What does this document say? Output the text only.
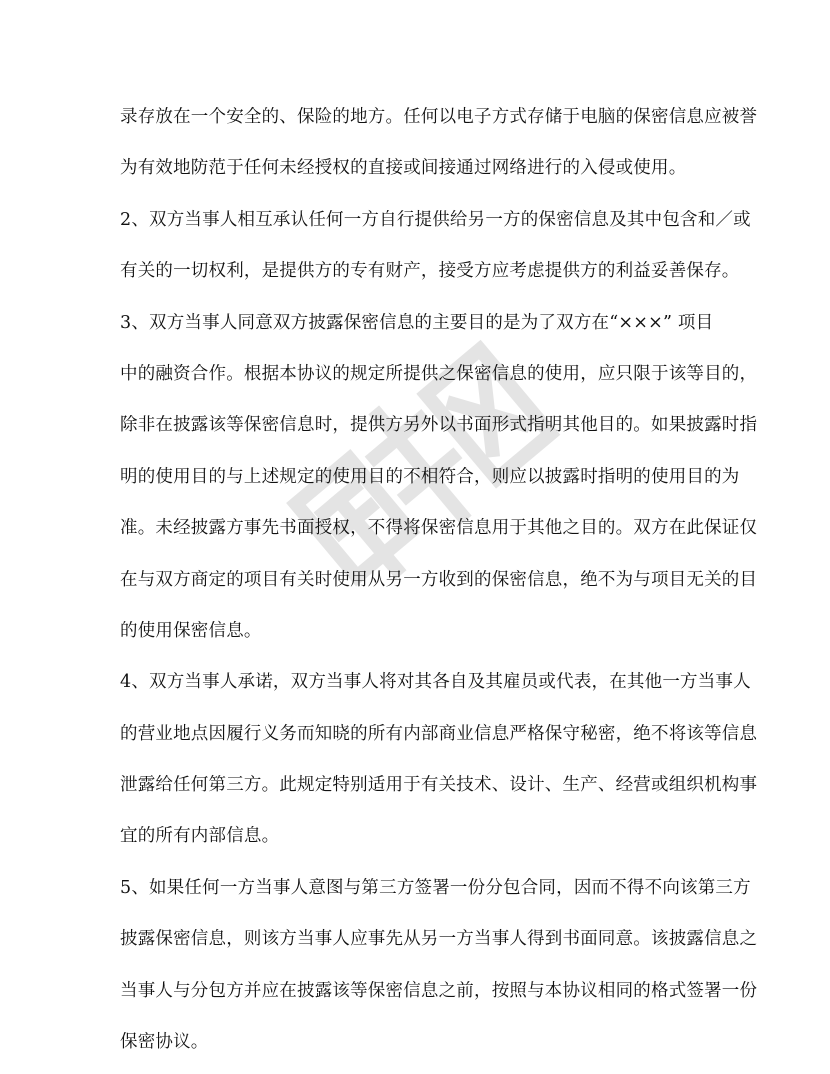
录存放在一个安全的、保险的地方。任何以电子方式存储于电脑的保密信息应被誉
为有效地防范于任何未经授权的直接或间接通过网络进行的入侵或使用。
2、双方当事人相互承认任何一方自行提供给另一方的保密信息及其中包含和／或
有关的一切权利，是提供方的专有财产，接受方应考虑提供方的利益妥善保存。
3、双方当事人同意双方披露保密信息的主要目的是为了双方在“×××” 项目
中的融资合作。根据本协议的规定所提供之保密信息的使用，应只限于该等目的，
除非在披露该等保密信息时，提供方另外以书面形式指明其他目的。如果披露时指
明的使用目的与上述规定的使用目的不相符合，则应以披露时指明的使用目的为
准。未经披露方事先书面授权，不得将保密信息用于其他之目的。双方在此保证仅
在与双方商定的项目有关时使用从另一方收到的保密信息，绝不为与项目无关的目
的使用保密信息。
4、双方当事人承诺，双方当事人将对其各自及其雇员或代表，在其他一方当事人
的营业地点因履行义务而知晓的所有内部商业信息严格保守秘密，绝不将该等信息
泄露给任何第三方。此规定特别适用于有关技术、设计、生产、经营或组织机构事
宜的所有内部信息。
5、如果任何一方当事人意图与第三方签署一份分包合同，因而不得不向该第三方
披露保密信息，则该方当事人应事先从另一方当事人得到书面同意。该披露信息之
当事人与分包方并应在披露该等保密信息之前，按照与本协议相同的格式签署一份
保密协议。
